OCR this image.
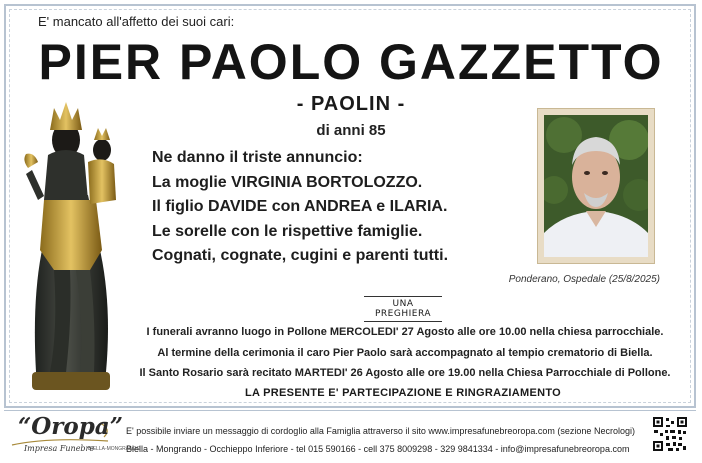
E' mancato all'affetto dei suoi cari:
PIER PAOLO GAZZETTO
- PAOLIN -
di anni 85
Ne danno il triste annuncio:
La moglie VIRGINIA BORTOLOZZO.
Il figlio DAVIDE con ANDREA e ILARIA.
Le sorelle con le rispettive famiglie.
Cognati, cognate, cugini e parenti tutti.
Ponderano, Ospedale (25/8/2025)
UNA PREGHIERA
I funerali avranno luogo in Pollone MERCOLEDI' 27 Agosto alle ore 10.00 nella chiesa parrocchiale.
Al termine della cerimonia il caro Pier Paolo sarà accompagnato al tempio crematorio di Biella.
Il Santo Rosario sarà recitato MARTEDI' 26 Agosto alle ore 19.00 nella Chiesa Parrocchiale di Pollone.
LA PRESENTE E' PARTECIPAZIONE E RINGRAZIAMENTO
“Oropa”
Impresa Funebre
BIELLA-MONGRANDO
E' possibile inviare un messaggio di cordoglio alla Famiglia attraverso il sito www.impresafunebreoropa.com (sezione Necrologi)
Biella - Mongrando - Occhieppo Inferiore - tel 015 590166 - cell 375 8009298 - 329 9841334 - info@impresafunebreoropa.com
